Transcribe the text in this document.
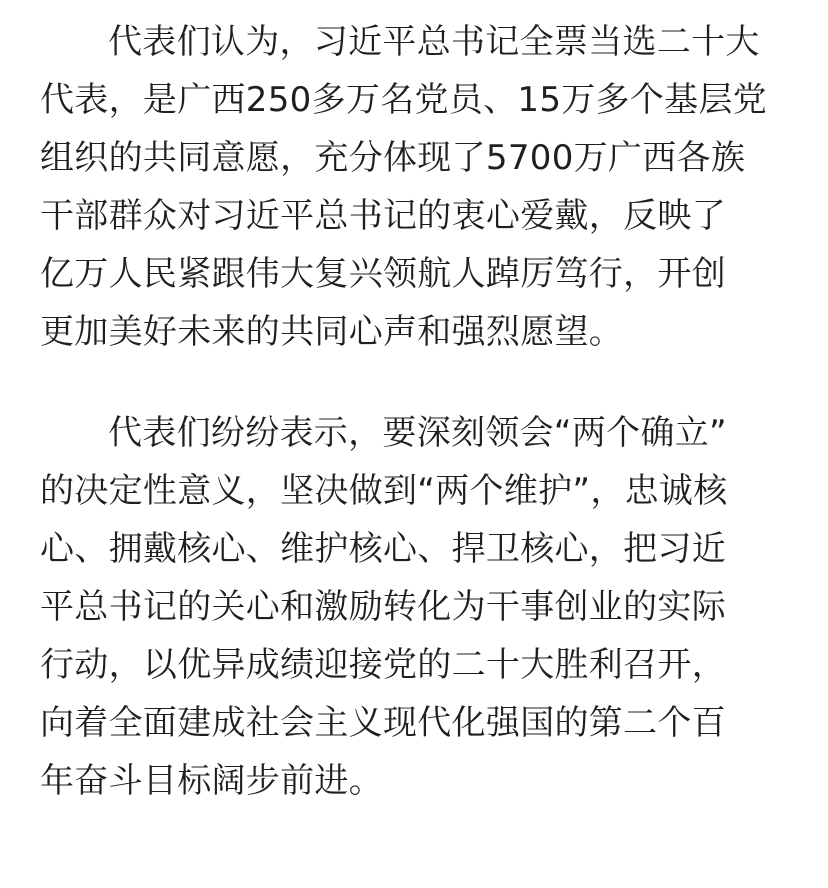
代表们认为，习近平总书记全票当选二十大
代表，是广西250多万名党员、15万多个基层党
组织的共同意愿，充分体现了5700万广西各族
干部群众对习近平总书记的衷心爱戴，反映了
亿万人民紧跟伟大复兴领航人踔厉笃行，开创
更加美好未来的共同心声和强烈愿望。

代表们纷纷表示，要深刻领会“两个确立”
的决定性意义，坚决做到“两个维护”，忠诚核
心、拥戴核心、维护核心、捍卫核心，把习近
平总书记的关心和激励转化为干事创业的实际
行动，以优异成绩迎接党的二十大胜利召开，
向着全面建成社会主义现代化强国的第二个百
年奋斗目标阔步前进。
